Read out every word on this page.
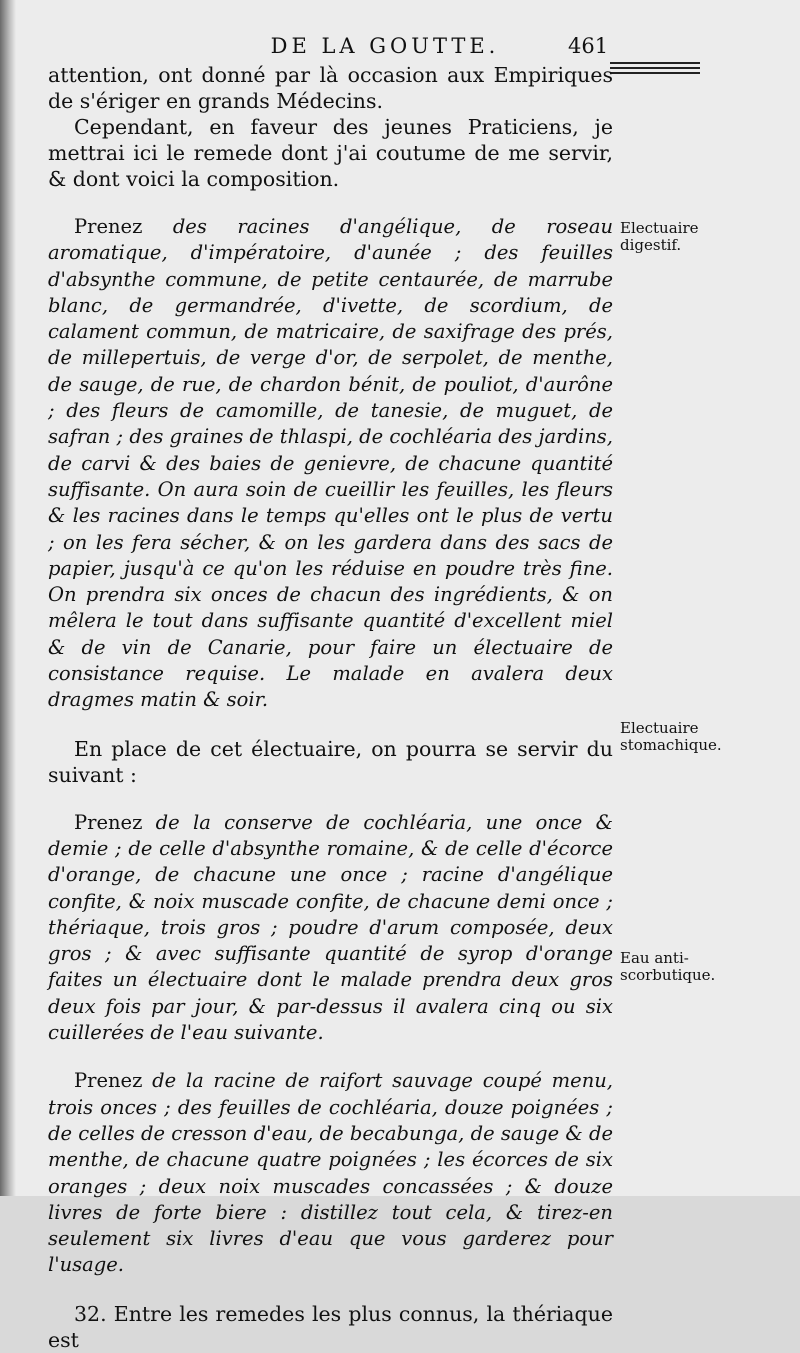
DE LA GOUTTE.	461

attention, ont donné par là occasion aux Empiriques de s'ériger en grands Médecins.

Cependant, en faveur des jeunes Praticiens, je mettrai ici le remede dont j'ai coutume de me servir, & dont voici la composition.

Prenez des racines d'angélique, de roseau aromatique, d'impératoire, d'aunée ; des feuilles d'absynthe commune, de petite centaurée, de marrube blanc, de germandrée, d'ivette, de scordium, de calament commun, de matricaire, de saxifrage des prés, de millepertuis, de verge d'or, de serpolet, de menthe, de sauge, de rue, de chardon bénit, de pouliot, d'aurône ; des fleurs de camomille, de tanesie, de muguet, de safran ; des graines de thlaspi, de cochléaria des jardins, de carvi & des baies de genievre, de chacune quantité suffisante. On aura soin de cueillir les feuilles, les fleurs & les racines dans le temps qu'elles ont le plus de vertu ; on les fera sécher, & on les gardera dans des sacs de papier, jusqu'à ce qu'on les réduise en poudre très fine. On prendra six onces de chacun des ingrédients, & on mêlera le tout dans suffisante quantité d'excellent miel & de vin de Canarie, pour faire un électuaire de consistance requise. Le malade en avalera deux dragmes matin & soir.

En place de cet électuaire, on pourra se servir du suivant :

Prenez de la conserve de cochléaria, une once & demie ; de celle d'absynthe romaine, & de celle d'écorce d'orange, de chacune une once ; racine d'angélique confite, & noix muscade confite, de chacune demi once ; thériaque, trois gros ; poudre d'arum composée, deux gros ; & avec suffisante quantité de syrop d'orange faites un électuaire dont le malade prendra deux gros deux fois par jour, & par-dessus il avalera cinq ou six cuillerées de l'eau suivante.

Prenez de la racine de raifort sauvage coupé menu, trois onces ; des feuilles de cochléaria, douze poignées ; de celles de cresson d'eau, de becabunga, de sauge & de menthe, de chacune quatre poignées ; les écorces de six oranges ; deux noix muscades concassées ; & douze livres de forte biere : distillez tout cela, & tirez-en seulement six livres d'eau que vous garderez pour l'usage.

32. Entre les remedes les plus connus, la thériaque est

Electuaire digestif.
Electuaire stomachique.
Eau anti-scorbutique.
